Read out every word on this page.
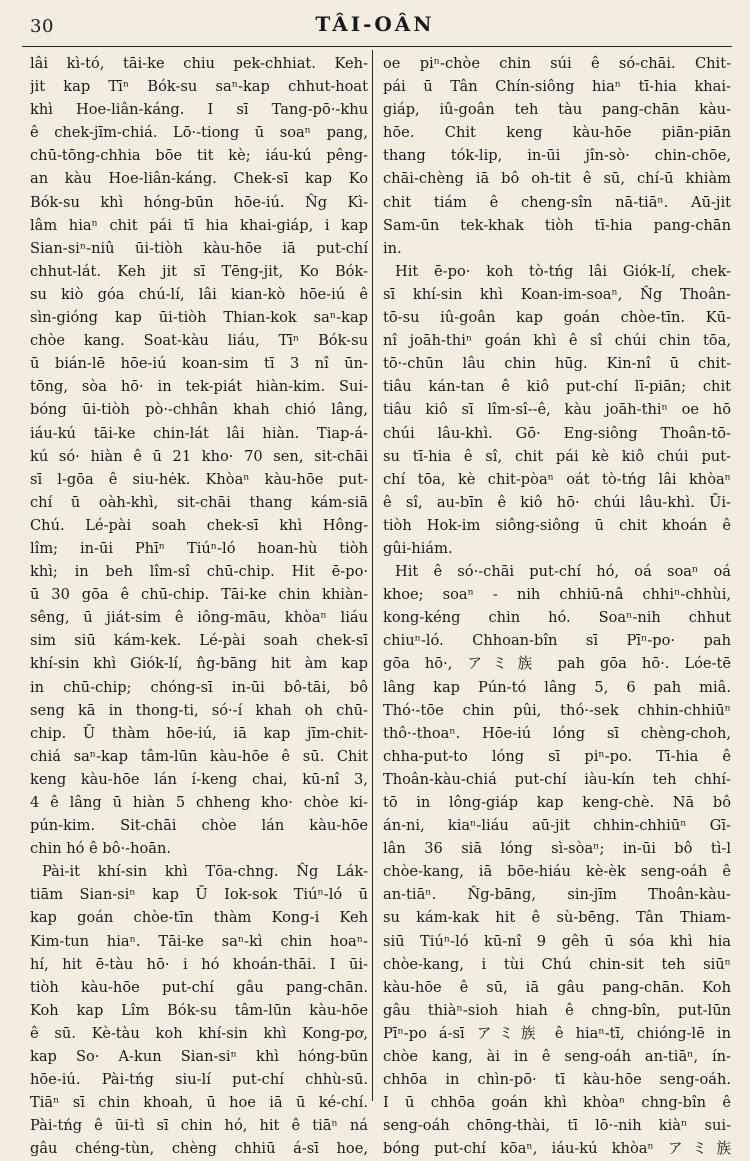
30	TÂI-OÂN
lâi kì-tó, tāi-ke chiu pek-chhiat. Keh-
jit kap Tīⁿ Bók-su saⁿ-kap chhut-hoat
khì Hoe-liân-káng. I sī Tang-pō·-khu
ê chek-jīm-chiá. Lō·-tiong ū soaⁿ pang,
chū-tōng-chhia bōe tit kè; iáu-kú pêng-
an kàu Hoe-liân-káng. Chek-sī kap Ko
Bók-su khì hóng-būn hōe-iú. N̂g Kì-
lâm hiaⁿ chit pái tī hia khai-giáp, i kap
Sian-siⁿ-niû ūi-tiòh kàu-hōe iā put-chí
chhut-lát. Keh jit sī Tēng-jit, Ko Bók-
su kiò góa chú-lí, lâi kian-kò hōe-iú ê
sìn-gióng kap ūi-tiòh Thian-kok saⁿ-kap
chòe kang. Soat-kàu liáu, Tīⁿ Bók-su
ū bián-lē hōe-iú koan-sim tī 3 nî ūn-
tōng, sòa hō· in tek-piát hiàn-kim. Sui-
bóng ūi-tiòh pò·-chhân khah chió lâng,
iáu-kú tāi-ke chin-lát lâi hiàn. Tiap-á-
kú só· hiàn ê ū 21 kho· 70 sen, sit-chāi
sī l-gōa ê siu-hėk. Khòaⁿ kàu-hōe put-
chí ū oàh-khì, sit-chāi thang kám-siā
Chú. Lé-pài soah chek-sī khì Hông-
lîm; in-ūi Phīⁿ Tiúⁿ-ló hoan-hù tiòh
khì; in beh lîm-sî chū-chip. Hit ē-po·
ū 30 gōa ê chū-chip. Tāi-ke chin khiàn-
sêng, ū jiát-sim ê iông-māu, khòaⁿ liáu
sim siū kám-kek. Lé-pài soah chek-sī
khí-sin khì Giók-lí, n̂g-bāng hit àm kap
in chū-chip; chóng-sī in-ūi bô-tāi, bô
seng kā in thong-ti, só·-í khah oh chū-
chip. Ū thàm hōe-iú, iā kap jīm-chit-
chiá saⁿ-kap tâm-lūn kàu-hōe ê sū. Chit
keng kàu-hōe lán í-keng chai, kū-nî 3,
4 ê lâng ū hiàn 5 chheng kho· chòe ki-
pún-kim. Sit-chāi chòe lán kàu-hōe
chin hó ê bô·-hoān.
Pài-it khí-sin khì Tōa-chng. N̂g Lák-
tiām Sian-siⁿ kap Ū Iok-sok Tiúⁿ-ló ū
kap goán chòe-tīn thàm Kong-i Keh
Kim-tun hiaⁿ. Tāi-ke saⁿ-kì chin hoaⁿ-
hí, hit ē-tàu hō· i hó khoán-thāi. I ūi-
tiòh kàu-hōe put-chí gâu pang-chān.
Koh kap Lîm Bók-su tâm-lūn kàu-hōe
ê sū. Kè-tàu koh khí-sin khì Kong-pơ,
kap So· A-kun Sian-siⁿ khì hóng-būn
hōe-iú. Pài-tńg siu-lí put-chí chhù-sū.
Tiāⁿ sī chin khoah, ū hoe iā ū ké-chí.
Pài-tńg ê ūi-tì sī chin hó, hit ê tiāⁿ ná
gâu chéng-tùn, chèng chhiū á-sī hoe,
oe piⁿ-chòe chin súi ê só-chāi. Chit-
pái ū Tân Chín-siông hiaⁿ tī-hia khai-
giáp, iû-goân teh tàu pang-chān kàu-
hōe. Chit keng kàu-hōe piān-piān
thang tók-lip, in-ūi jîn-sò· chin-chōe,
chāi-chèng iā bô oh-tit ê sū, chí-ū khiàm
chit tiám ê cheng-sîn nā-tiāⁿ. Aū-jit
Sam-ūn tek-khak tiòh tī-hia pang-chān
in.
Hit ē-po· koh tò-tńg lâi Giók-lí, chek-
sī khí-sin khì Koan-im-soaⁿ, N̂g Thoân-
tō-su iû-goân kap goán chòe-tīn. Kū-
nî joāh-thiⁿ goán khì ê sî chúi chin tōa,
tō·-chūn lâu chin hūg. Kin-nî ū chit-
tiâu kán-tan ê kiô put-chí lī-piān; chit
tiâu kiô sī lîm-sî--ê, kàu joāh-thiⁿ oe hō
chúi lâu-khì. Gō· Eng-siông Thoân-tō-
su tī-hia ê sî, chit pái kè kiô chúi put-
chí tōa, kè chit-pòaⁿ oát tò-tńg lâi khòaⁿ
ê sî, au-bīn ê kiô hō· chúi lâu-khì. Ūi-
tiòh Hok-im siông-siông ū chit khoán ê
gûi-hiám.
Hit ê só·-chāi put-chí hó, oá soaⁿ oá
khoe; soaⁿ - nih chhiū-nâ chhiⁿ-chhùi,
kong-kéng chin hó. Soaⁿ-nih chhut
chiuⁿ-ló. Chhoan-bîn sī Pīⁿ-po· pah
gōa hō·, アミ族 pah gōa hō·. Lóe-tē
lâng kap Pún-tó lâng 5, 6 pah miâ.
Thó·-tōe chin pûi, thó·-sek chhin-chhiūⁿ
thô·-thoaⁿ. Hōe-iú lóng sī chèng-choh,
chha-put-to lóng sī piⁿ-po. Tī-hia ê
Thoân-kàu-chiá put-chí iàu-kín teh chhí-
tō in lông-giáp kap keng-chè. Nā bô
án-ni, kiaⁿ-liáu aū-jit chhin-chhiūⁿ Gī-
lân 36 siā lóng sì-sòaⁿ; in-ūi bô tì-l
chòe-kang, iā bōe-hiáu kè-èk seng-oáh ê
an-tiāⁿ. N̂g-bāng, sin-jīm Thoân-kàu-
su kám-kak hit ê sù-bēng. Tân Thiam-
siū Tiúⁿ-ló kū-nî 9 gêh ū sóa khì hia
chòe-kang, i tùi Chú chin-sit teh siūⁿ
kàu-hōe ê sū, iā gâu pang-chān. Koh
gâu thiàⁿ-sioh hiah ê chng-bîn, put-lūn
Pīⁿ-po á-sī アミ族 ê hiaⁿ-tī, chióng-lē in
chòe kang, ài in ê seng-oáh an-tiāⁿ, ín-
chhōa in chìn-pō· tī kàu-hōe seng-oáh.
I ū chhōa goán khì khòaⁿ chng-bîn ê
seng-oáh chōng-thài, tī lō·-nih kiàⁿ sui-
bóng put-chí kōaⁿ, iáu-kú khòaⁿ アミ族
